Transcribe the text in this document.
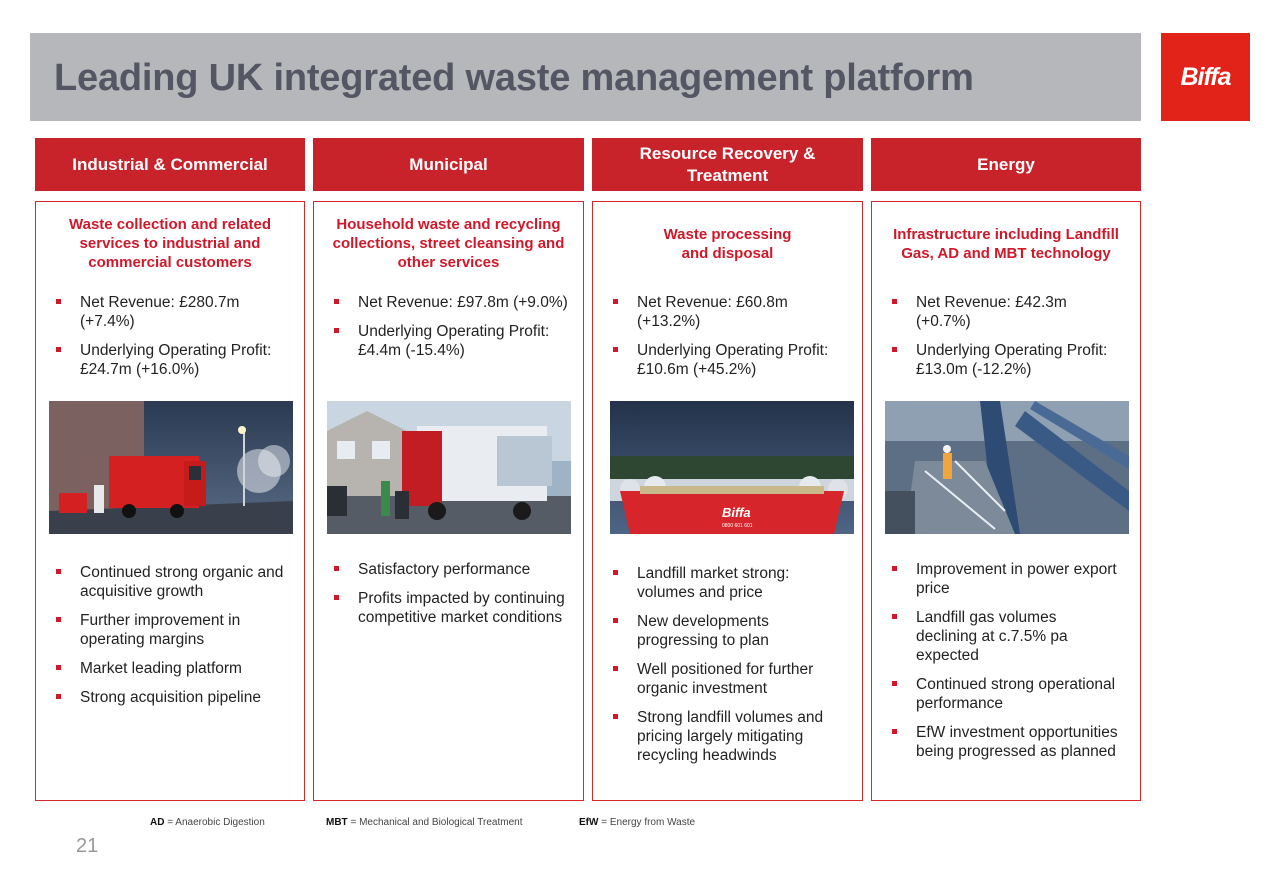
Leading UK integrated waste management platform	Biffa
Industrial & Commercial	Municipal
Resource Recovery & Treatment
Energy
Waste collection and related services to industrial and commercial customers
Net Revenue: £280.7m (+7.4%)
Underlying Operating Profit: £24.7m (+16.0%)
Continued strong organic and acquisitive growth
Further improvement in operating margins
Market leading platform
Strong acquisition pipeline
Household waste and recycling collections, street cleansing and other services
Net Revenue: £97.8m (+9.0%)
Underlying Operating Profit: £4.4m (-15.4%)
Satisfactory performance
Profits impacted by continuing competitive market conditions
Waste processing and disposal
Net Revenue: £60.8m (+13.2%)
Underlying Operating Profit: £10.6m (+45.2%)
Biffa
0800 601 601
Landfill market strong: volumes and price
New developments progressing to plan
Well positioned for further organic investment
Strong landfill volumes and pricing largely mitigating recycling headwinds
Infrastructure including Landfill Gas, AD and MBT technology
Net Revenue: £42.3m (+0.7%)
Underlying Operating Profit: £13.0m (-12.2%)
Improvement in power export price
Landfill gas volumes declining at c.7.5% pa expected
Continued strong operational performance
EfW investment opportunities being progressed as planned
AD = Anaerobic Digestion	MBT = Mechanical and Biological Treatment	EfW = Energy from Waste
21
